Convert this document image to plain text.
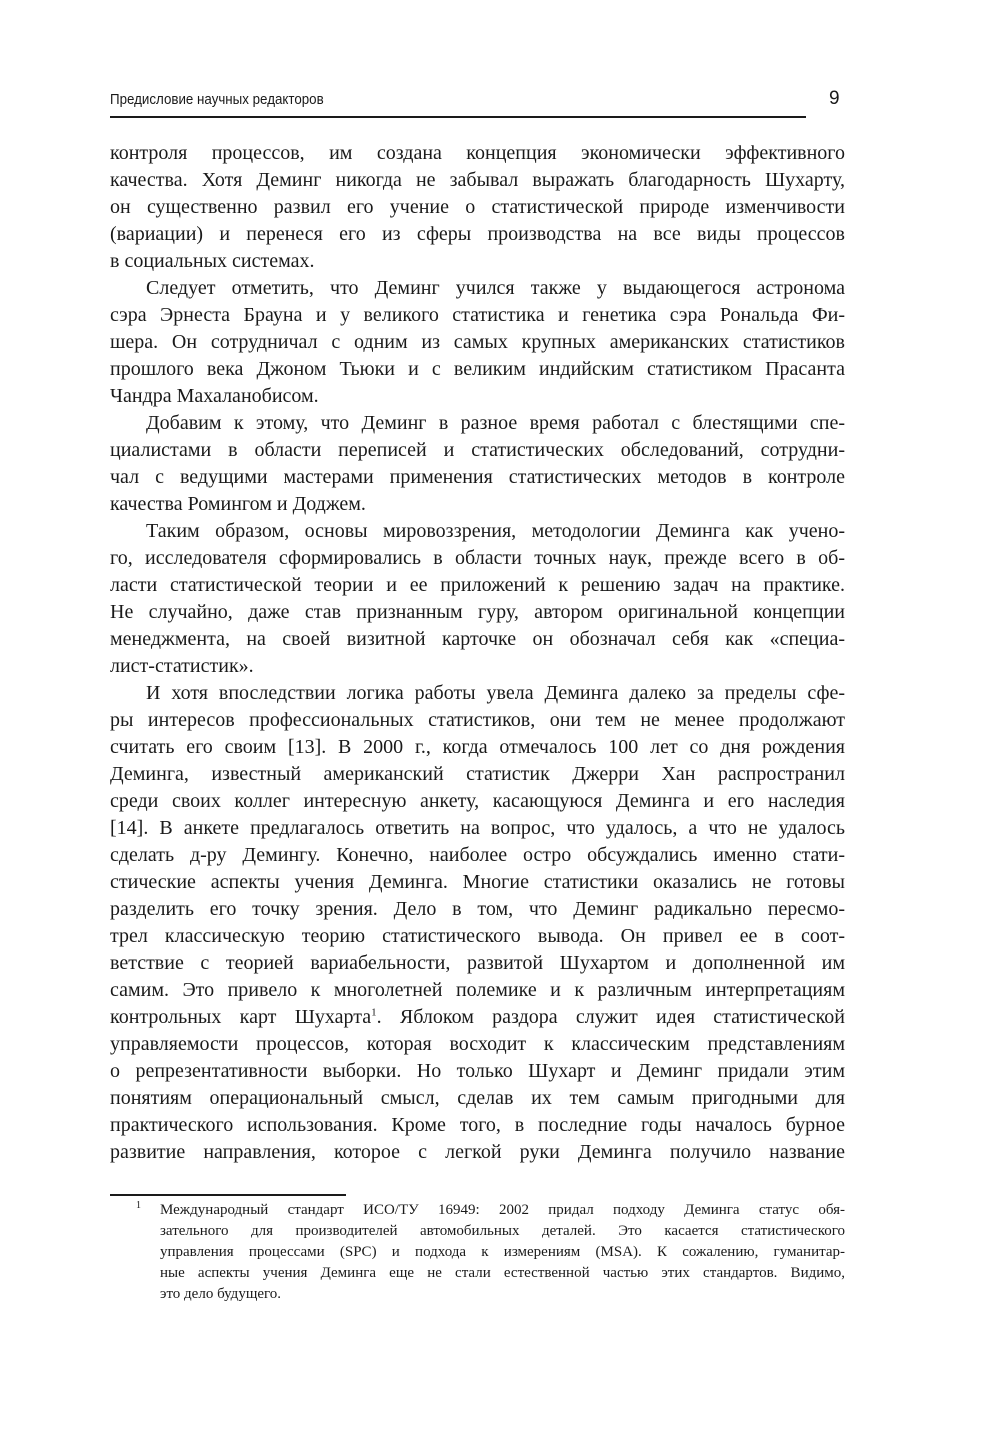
Предисловие научных редакторов	9
контроля процессов, им создана концепция экономически эффективного
качества. Хотя Деминг никогда не забывал выражать благодарность Шухарту,
он существенно развил его учение о статистической природе изменчивости
(вариации) и перенеся его из сферы производства на все виды процессов
в социальных системах.
Следует отметить, что Деминг учился также у выдающегося астронома
сэра Эрнеста Брауна и у великого статистика и генетика сэра Рональда Фи-
шера. Он сотрудничал с одним из самых крупных американских статистиков
прошлого века Джоном Тьюки и с великим индийским статистиком Прасанта
Чандра Махаланобисом.
Добавим к этому, что Деминг в разное время работал с блестящими спе-
циалистами в области переписей и статистических обследований, сотрудни-
чал с ведущими мастерами применения статистических методов в контроле
качества Ромингом и Доджем.
Таким образом, основы мировоззрения, методологии Деминга как учено-
го, исследователя сформировались в области точных наук, прежде всего в об-
ласти статистической теории и ее приложений к решению задач на практике.
Не случайно, даже став признанным гуру, автором оригинальной концепции
менеджмента, на своей визитной карточке он обозначал себя как «специа-
лист-статистик».
И хотя впоследствии логика работы увела Деминга далеко за пределы сфе-
ры интересов профессиональных статистиков, они тем не менее продолжают
считать его своим [13]. В 2000 г., когда отмечалось 100 лет со дня рождения
Деминга, известный американский статистик Джерри Хан распространил
среди своих коллег интересную анкету, касающуюся Деминга и его наследия
[14]. В анкете предлагалось ответить на вопрос, что удалось, а что не удалось
сделать д-ру Демингу. Конечно, наиболее остро обсуждались именно стати-
стические аспекты учения Деминга. Многие статистики оказались не готовы
разделить его точку зрения. Дело в том, что Деминг радикально пересмо-
трел классическую теорию статистического вывода. Он привел ее в соот-
ветствие с теорией вариабельности, развитой Шухартом и дополненной им
самим. Это привело к многолетней полемике и к различным интерпретациям
контрольных карт Шухарта$^1$. Яблоком раздора служит идея статистической
управляемости процессов, которая восходит к классическим представлениям
о репрезентативности выборки. Но только Шухарт и Деминг придали этим
понятиям операциональный смысл, сделав их тем самым пригодными для
практического использования. Кроме того, в последние годы началось бурное
развитие направления, которое с легкой руки Деминга получило название
1 Международный стандарт ИСО/ТУ 16949: 2002 придал подходу Деминга статус обя-
зательного для производителей автомобильных деталей. Это касается статистического
управления процессами (SPC) и подхода к измерениям (MSA). К сожалению, гуманитар-
ные аспекты учения Деминга еще не стали естественной частью этих стандартов. Видимо,
это дело будущего.
